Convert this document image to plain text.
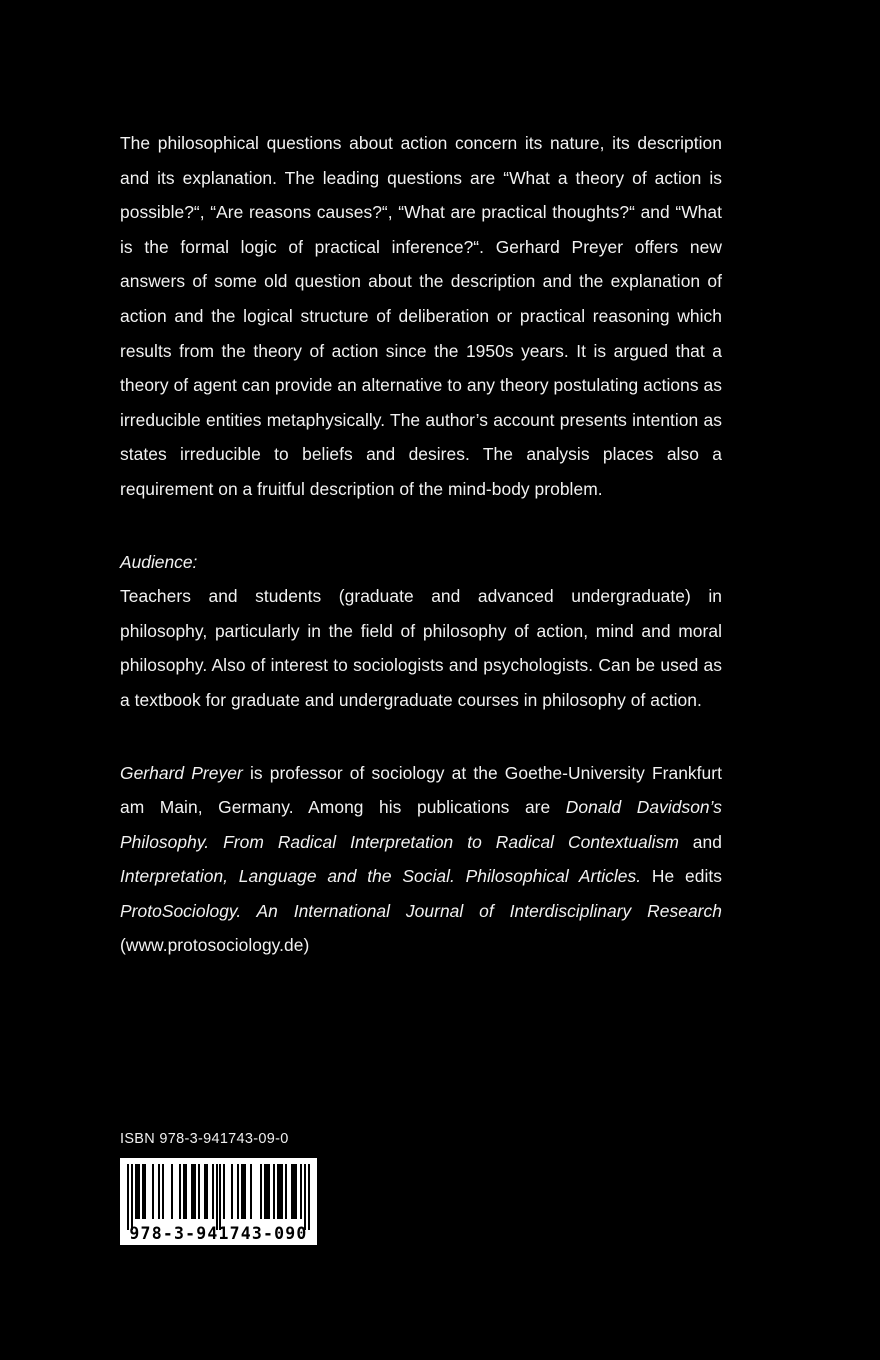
The philosophical questions about action concern its nature, its description and its explanation. The leading questions are “What a theory of action is possible?“, “Are reasons causes?“, “What are practical thoughts?“ and “What is the formal logic of practical inference?“. Gerhard Preyer offers new answers of some old question about the description and the explanation of action and the logical structure of deliberation or practical reasoning which results from the theory of action since the 1950s years. It is argued that a theory of agent can provide an alternative to any theory postulating actions as irreducible entities metaphysically. The author’s account presents intention as states irreducible to beliefs and desires. The analysis places also a requirement on a fruitful description of the mind-body problem.

Audience:

Teachers and students (graduate and advanced undergraduate) in philosophy, particularly in the field of philosophy of action, mind and moral philosophy. Also of interest to sociologists and psychologists. Can be used as a textbook for graduate and undergraduate courses in philosophy of action.

Gerhard Preyer is professor of sociology at the Goethe-University Frankfurt am Main, Germany. Among his publications are Donald Davidson’s Philosophy. From Radical Interpretation to Radical Contextualism and Interpretation, Language and the Social. Philosophical Articles. He edits ProtoSociology. An International Journal of Interdisciplinary Research (www.protosociology.de)

ISBN 978-3-941743-09-0

978-3-941743-090
